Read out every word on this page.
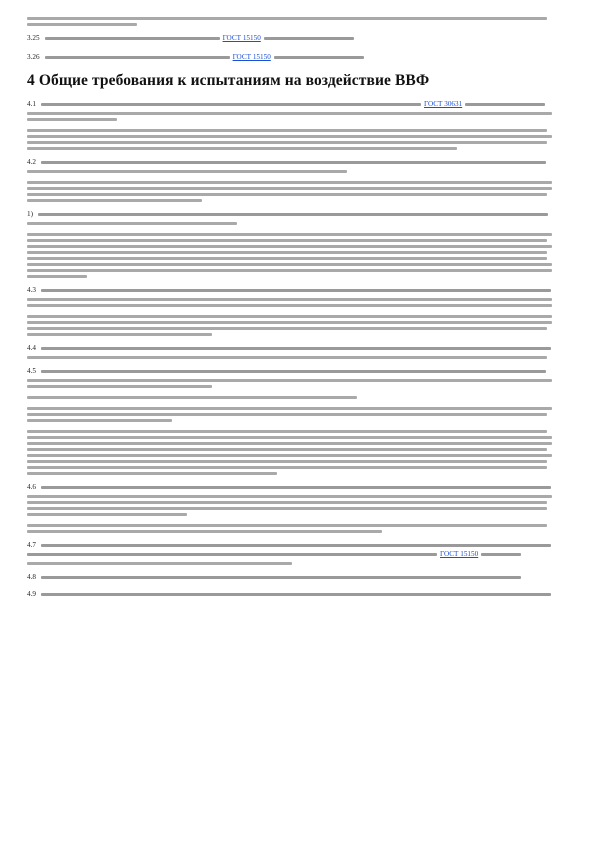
3.25	ГОСТ 15150
3.26	ГОСТ 15150
4 Общие требования к испытаниям на воздействие ВВФ
4.1	ГОСТ 30631
4.2
1)
4.3
4.4
4.5
4.6
4.7
ГОСТ 15150
4.8
4.9
